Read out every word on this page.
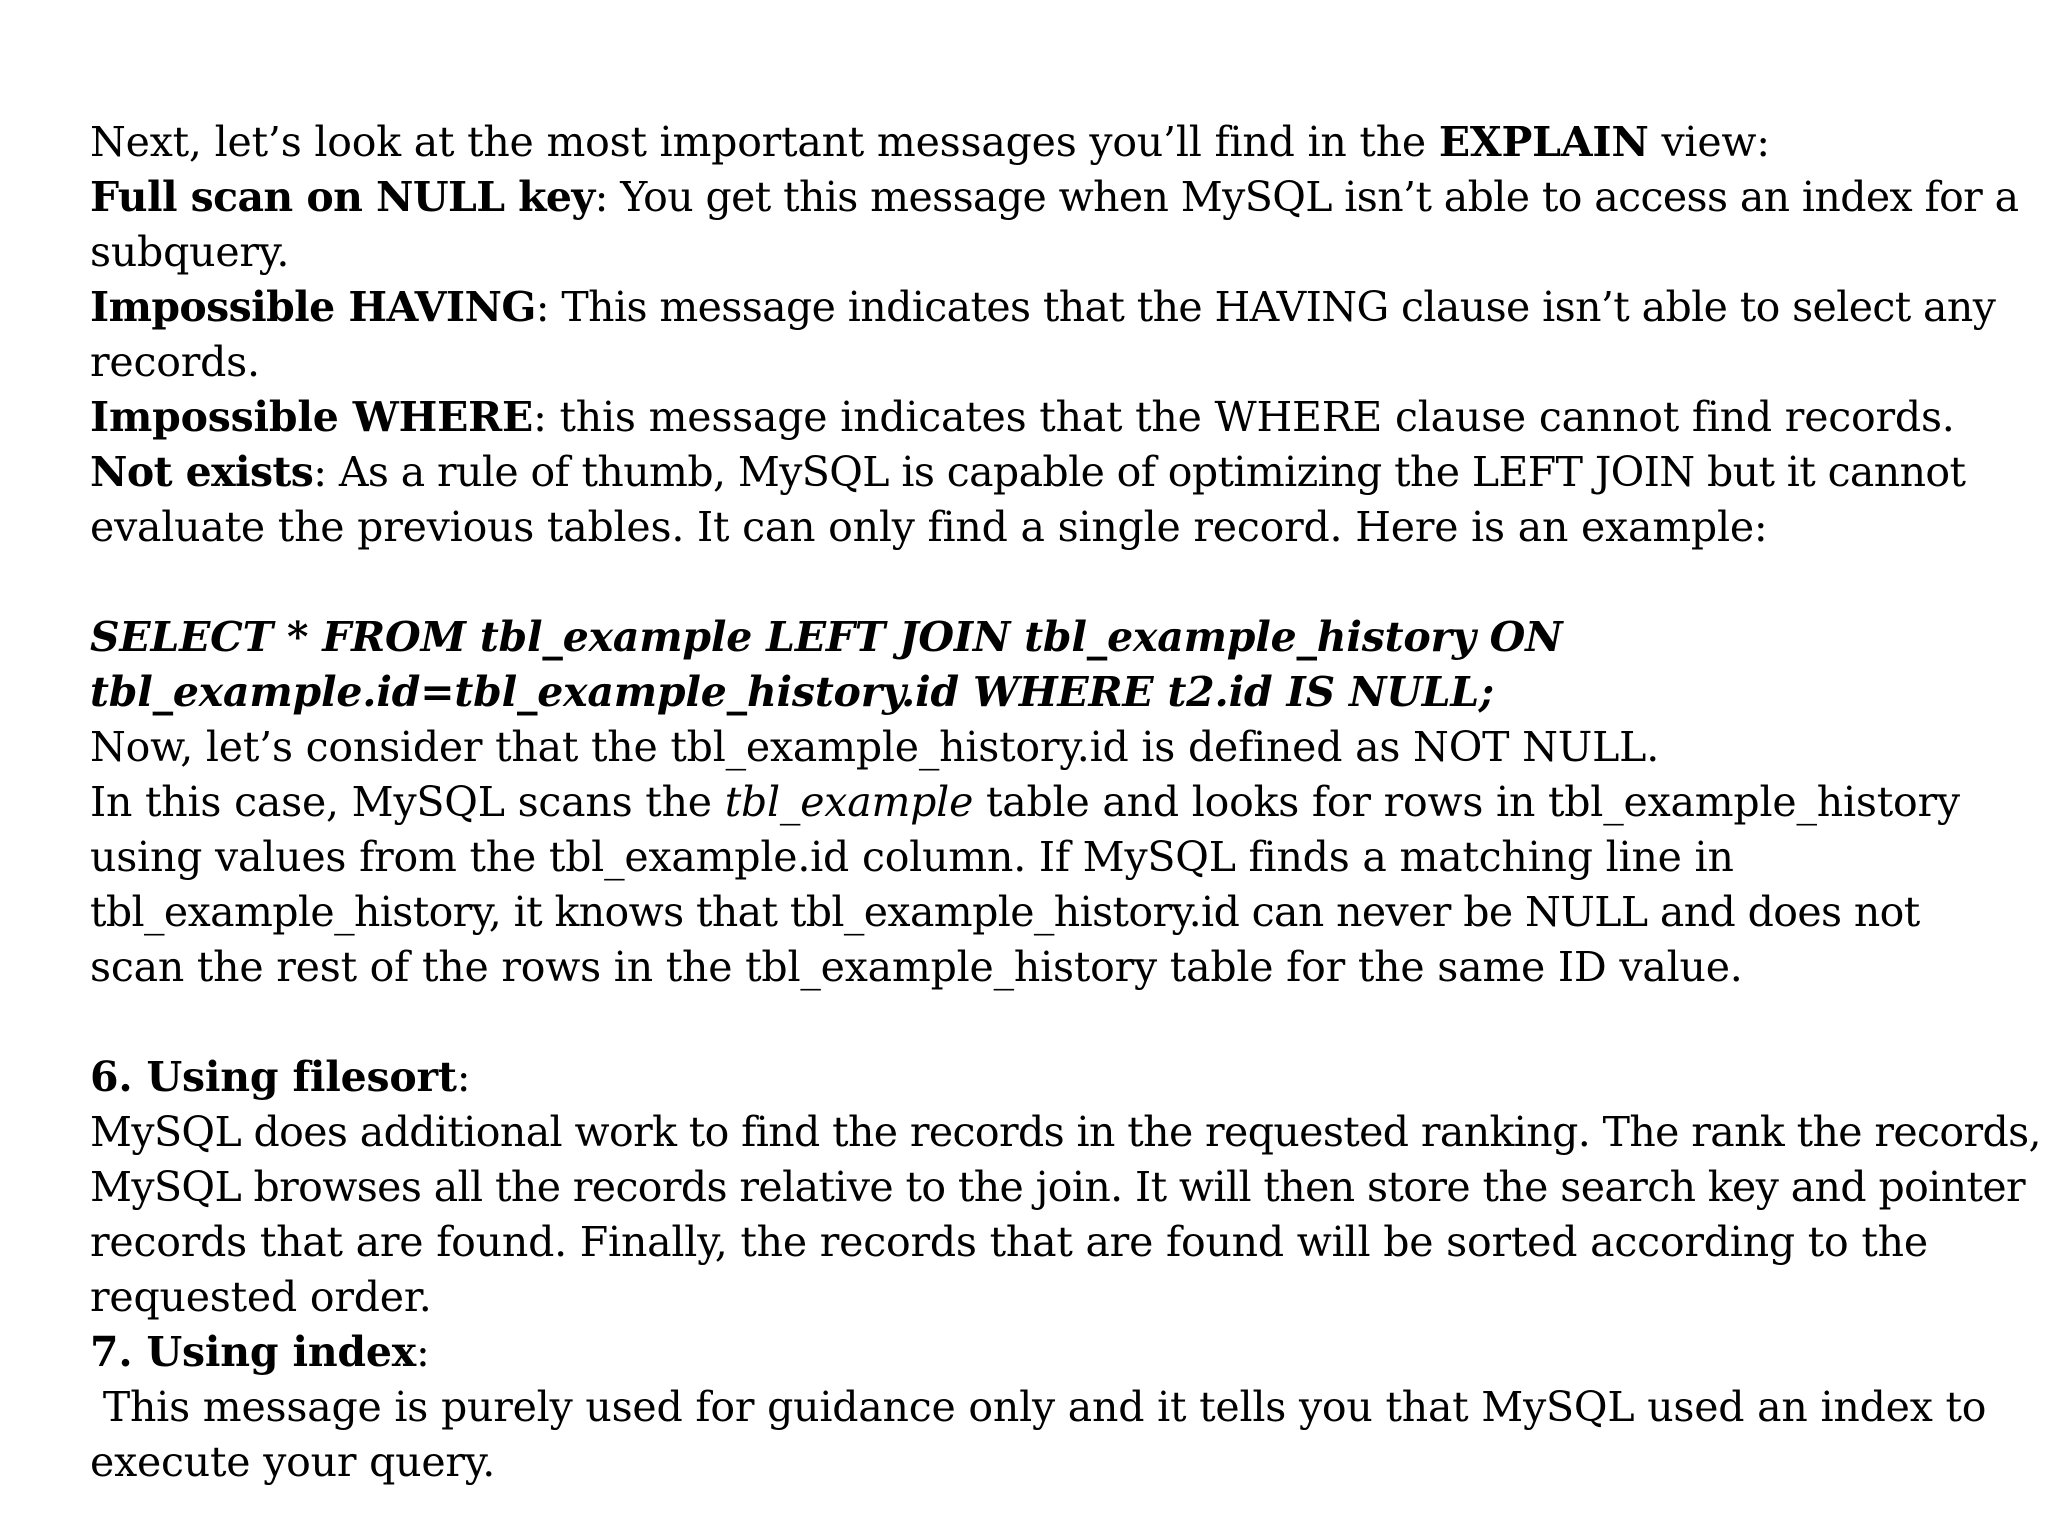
Next, let’s look at the most important messages you’ll find in the EXPLAIN view:
Full scan on NULL key: You get this message when MySQL isn’t able to access an index for a
subquery.
Impossible HAVING: This message indicates that the HAVING clause isn’t able to select any
records.
Impossible WHERE: this message indicates that the WHERE clause cannot find records.
Not exists: As a rule of thumb, MySQL is capable of optimizing the LEFT JOIN but it cannot
evaluate the previous tables. It can only find a single record. Here is an example:
SELECT * FROM tbl_example LEFT JOIN tbl_example_history ON
tbl_example.id=tbl_example_history.id WHERE t2.id IS NULL;
Now, let’s consider that the tbl_example_history.id is defined as NOT NULL.
In this case, MySQL scans the tbl_example table and looks for rows in tbl_example_history
using values from the tbl_example.id column. If MySQL finds a matching line in
tbl_example_history, it knows that tbl_example_history.id can never be NULL and does not
scan the rest of the rows in the tbl_example_history table for the same ID value.
6. Using filesort:
MySQL does additional work to find the records in the requested ranking. The rank the records,
MySQL browses all the records relative to the join. It will then store the search key and pointer
records that are found. Finally, the records that are found will be sorted according to the
requested order.
7. Using index:
This message is purely used for guidance only and it tells you that MySQL used an index to
execute your query.
